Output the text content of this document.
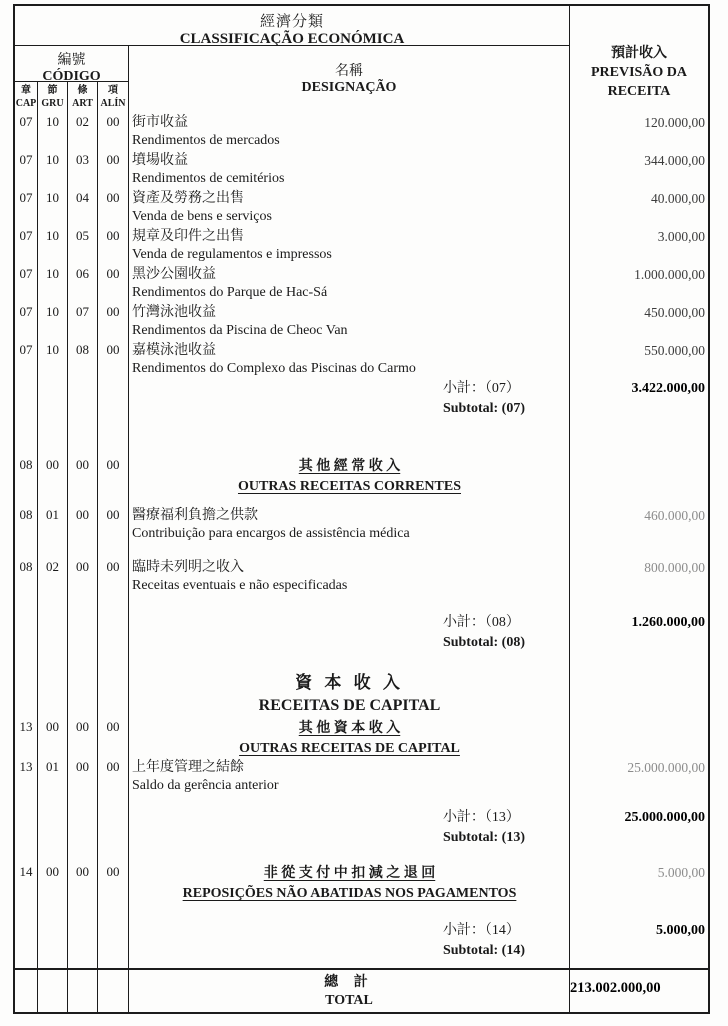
經濟分類
CLASSIFICAÇÃO ECONÓMICA
預計收入
PREVISÃO DA
RECEITA
編號
CÓDIGO	名稱
DESIGNAÇÃO
章
CAP
節
GRU
條
ART
項
ALÍN
07	10	02	00 街市收益
Rendimentos de mercados
120.000,00
07	10	03	00 墳場收益
Rendimentos de cemitérios
344.000,00
07	10	04	00 資產及勞務之出售
Venda de bens e serviços
40.000,00
07	10	05	00 規章及印件之出售
Venda de regulamentos e impressos
3.000,00
07	10	06	00 黑沙公園收益
Rendimentos do Parque de Hac-Sá
1.000.000,00
07	10	07	00 竹灣泳池收益
Rendimentos da Piscina de Cheoc Van
450.000,00
07	10	08	00 嘉模泳池收益
Rendimentos do Complexo das Piscinas do Carmo
550.000,00
小計：（07）
Subtotal: (07)
3.422.000,00
08	00	00	00	其 他 經 常 收 入
OUTRAS RECEITAS CORRENTES
08	01	00	00 醫療福利負擔之供款
Contribuição para encargos de assistência médica
460.000,00
08	02	00	00 臨時未列明之收入
Receitas eventuais e não especificadas
800.000,00
小計：（08）
Subtotal: (08)
1.260.000,00
資 本 收 入
RECEITAS DE CAPITAL
13	00	00	00	其 他 資 本 收 入
OUTRAS RECEITAS DE CAPITAL
13	01	00	00 上年度管理之結餘
Saldo da gerência anterior
25.000.000,00
小計：（13）
Subtotal: (13)
25.000.000,00
14	00	00	00	非 從 支 付 中 扣 減 之 退 回
REPOSIÇÕES NÃO ABATIDAS NOS PAGAMENTOS
5.000,00
小計：（14）
Subtotal: (14)
5.000,00
總 計
TOTAL
213.002.000,00
